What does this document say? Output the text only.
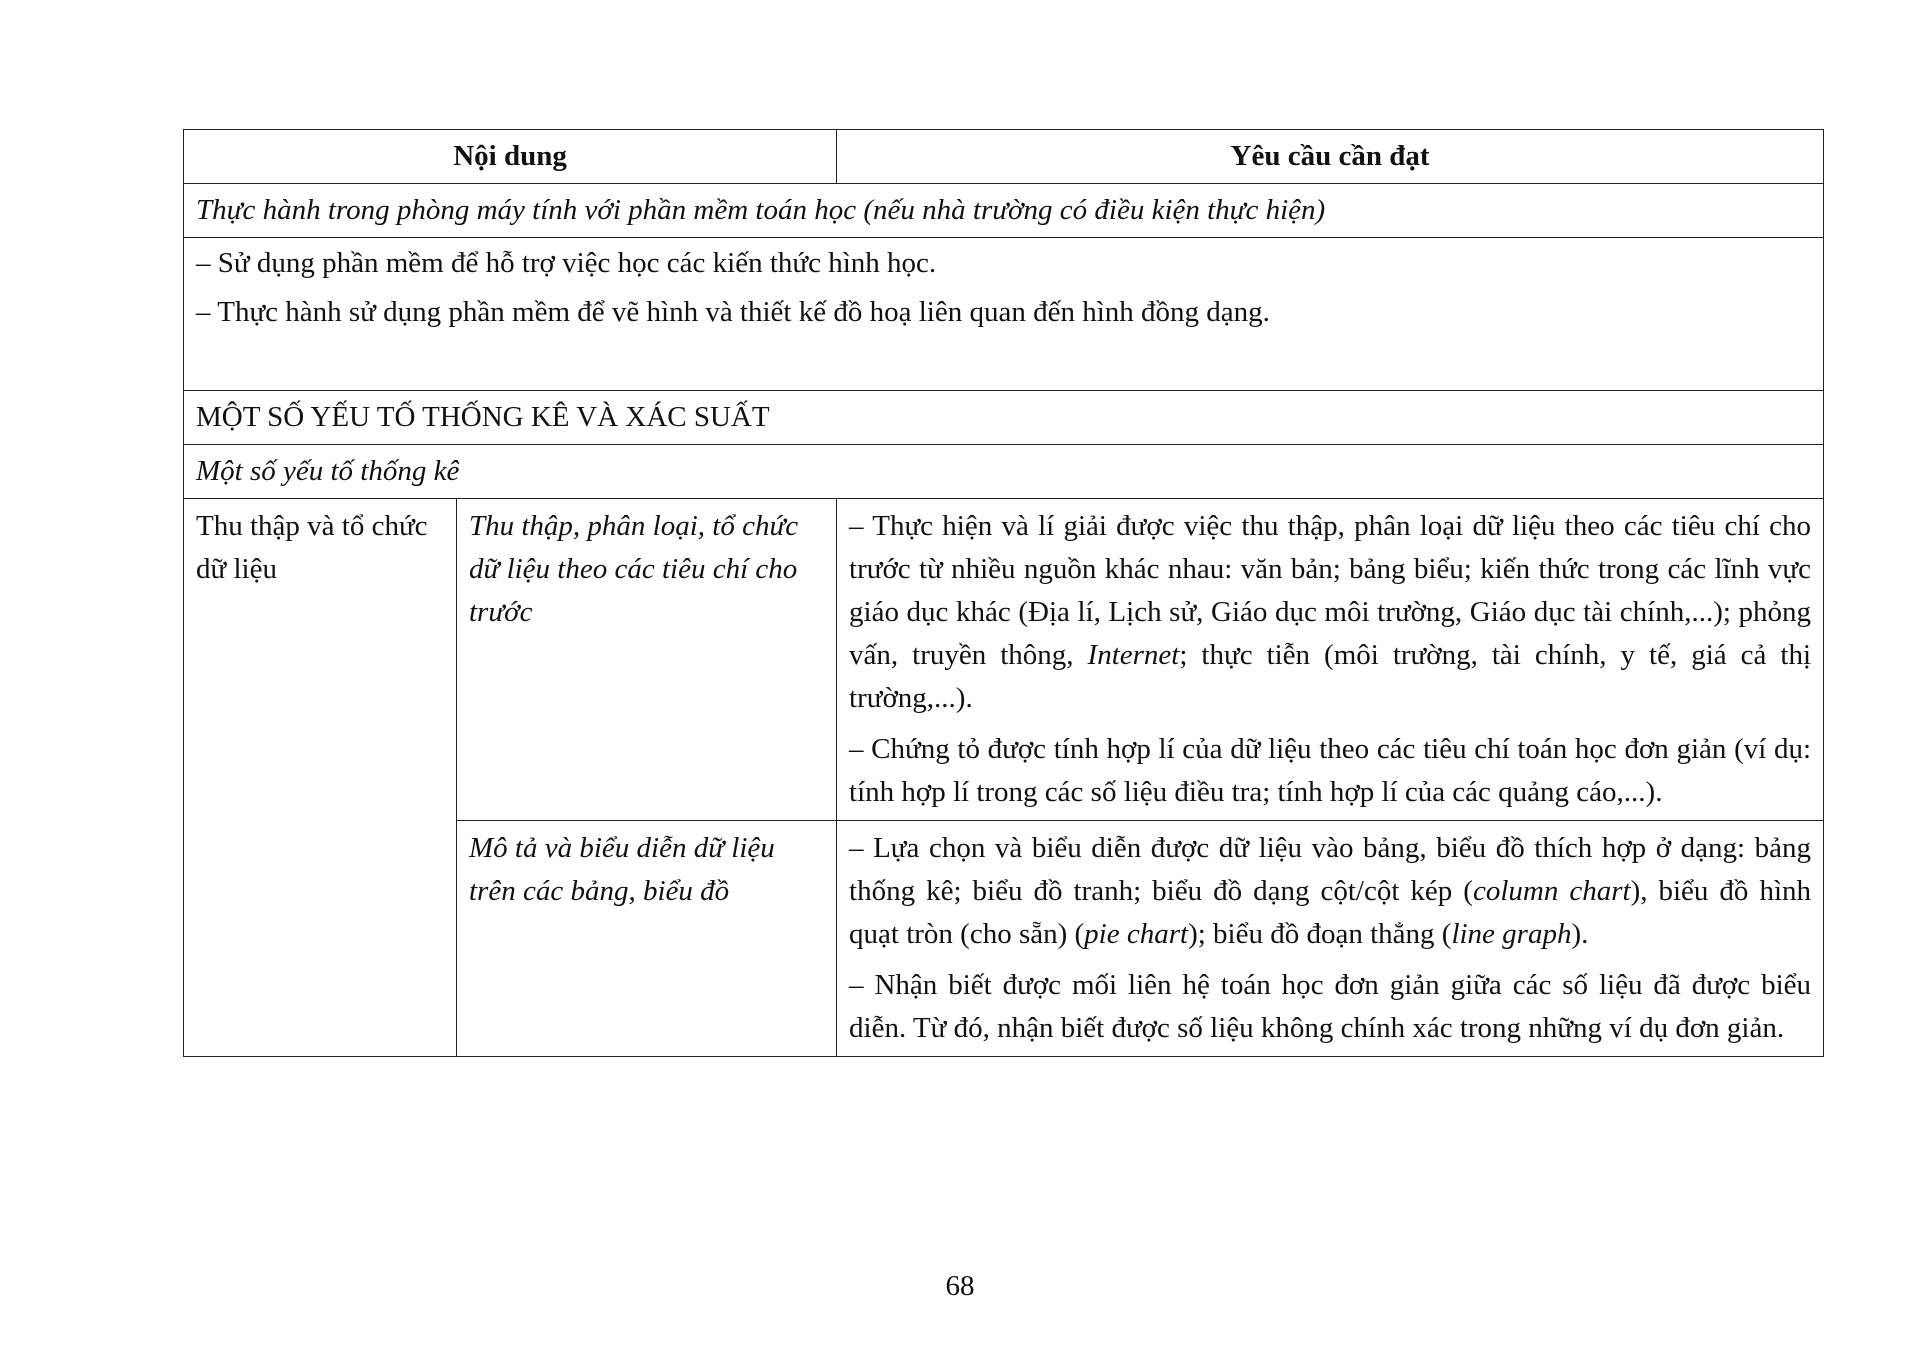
Nội dung		Yêu cầu cần đạt
Thực hành trong phòng máy tính với phần mềm toán học (nếu nhà trường có điều kiện thực hiện)		

– Sử dụng phần mềm để hỗ trợ việc học các kiến thức hình học.

– Thực hành sử dụng phần mềm để vẽ hình và thiết kế đồ hoạ liên quan đến hình đồng dạng.		

MỘT SỐ YẾU TỐ THỐNG KÊ VÀ XÁC SUẤT		
Một số yếu tố thống kê		
Thu thập và tổ chức dữ liệu	Thu thập, phân loại, tổ chức dữ liệu theo các tiêu chí cho trước	– Thực hiện và lí giải được việc thu thập, phân loại dữ liệu theo các tiêu chí cho trước từ nhiều nguồn khác nhau: văn bản; bảng biểu; kiến thức trong các lĩnh vực giáo dục khác (Địa lí, Lịch sử, Giáo dục môi trường, Giáo dục tài chính,...); phỏng vấn, truyền thông, Internet; thực tiễn (môi trường, tài chính, y tế, giá cả thị trường,...).

– Chứng tỏ được tính hợp lí của dữ liệu theo các tiêu chí toán học đơn giản (ví dụ: tính hợp lí trong các số liệu điều tra; tính hợp lí của các quảng cáo,...).

	Mô tả và biểu diễn dữ liệu trên các bảng, biểu đồ	– Lựa chọn và biểu diễn được dữ liệu vào bảng, biểu đồ thích hợp ở dạng: bảng thống kê; biểu đồ tranh; biểu đồ dạng cột/cột kép (column chart), biểu đồ hình quạt tròn (cho sẵn) (pie chart); biểu đồ đoạn thẳng (line graph).

– Nhận biết được mối liên hệ toán học đơn giản giữa các số liệu đã được biểu diễn. Từ đó, nhận biết được số liệu không chính xác trong những ví dụ đơn giản.

68
